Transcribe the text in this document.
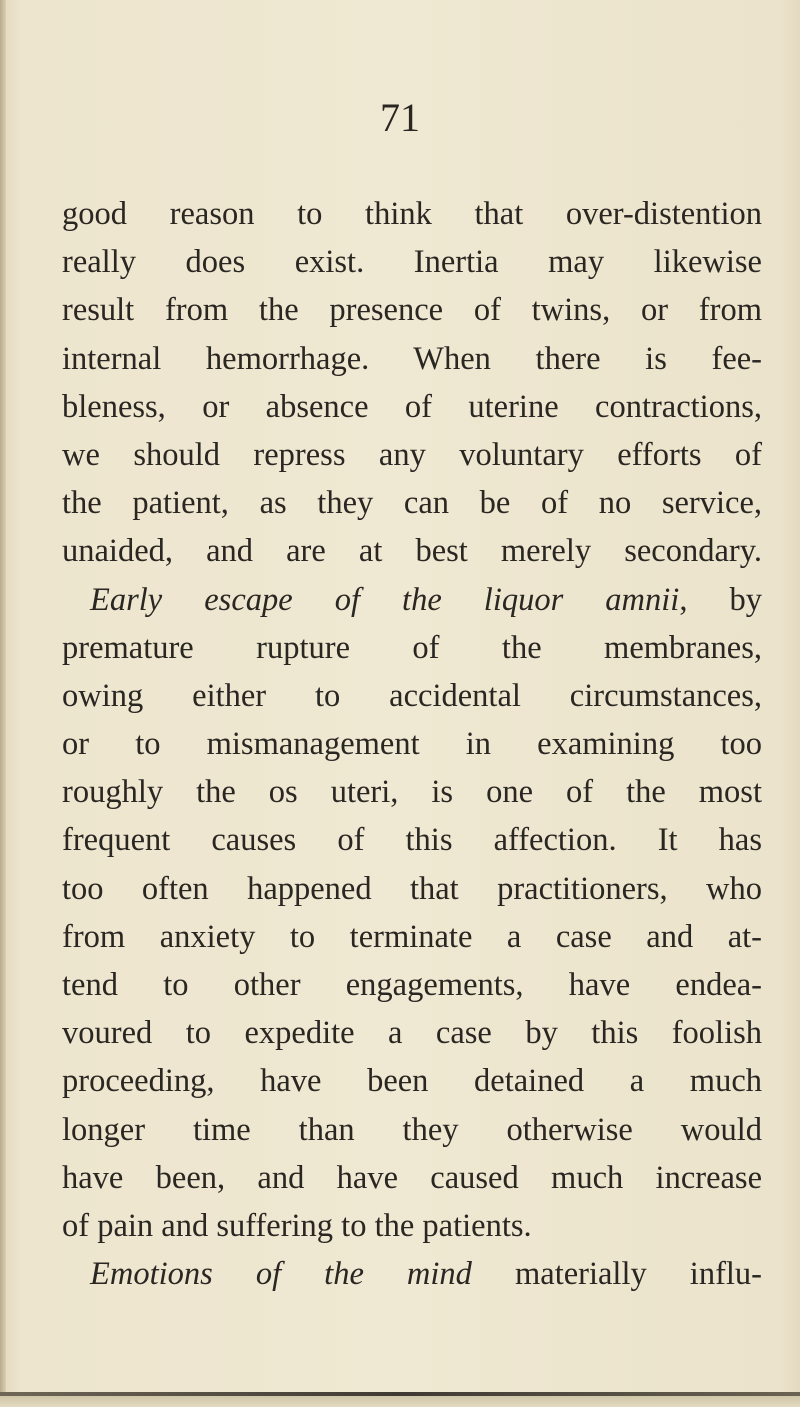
71
good reason to think that over-distention
really does exist. Inertia may likewise
result from the presence of twins, or from
internal hemorrhage. When there is fee-
bleness, or absence of uterine contractions,
we should repress any voluntary efforts of
the patient, as they can be of no service,
unaided, and are at best merely secondary.
Early escape of the liquor amnii, by
premature rupture of the membranes,
owing either to accidental circumstances,
or to mismanagement in examining too
roughly the os uteri, is one of the most
frequent causes of this affection. It has
too often happened that practitioners, who
from anxiety to terminate a case and at-
tend to other engagements, have endea-
voured to expedite a case by this foolish
proceeding, have been detained a much
longer time than they otherwise would
have been, and have caused much increase
of pain and suffering to the patients.
Emotions of the mind materially influ-
